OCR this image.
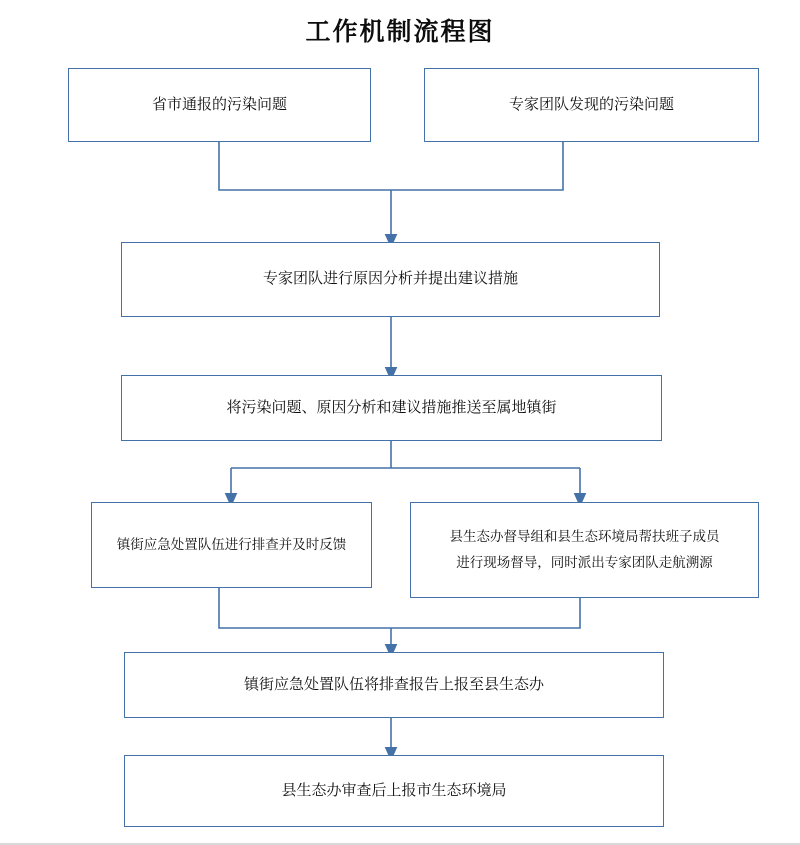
工作机制流程图
省市通报的污染问题	专家团队发现的污染问题
专家团队进行原因分析并提出建议措施
将污染问题、原因分析和建议措施推送至属地镇街
镇街应急处置队伍进行排查并及时反馈
县生态办督导组和县生态环境局帮扶班子成员
进行现场督导，同时派出专家团队走航溯源
镇街应急处置队伍将排查报告上报至县生态办
县生态办审查后上报市生态环境局
